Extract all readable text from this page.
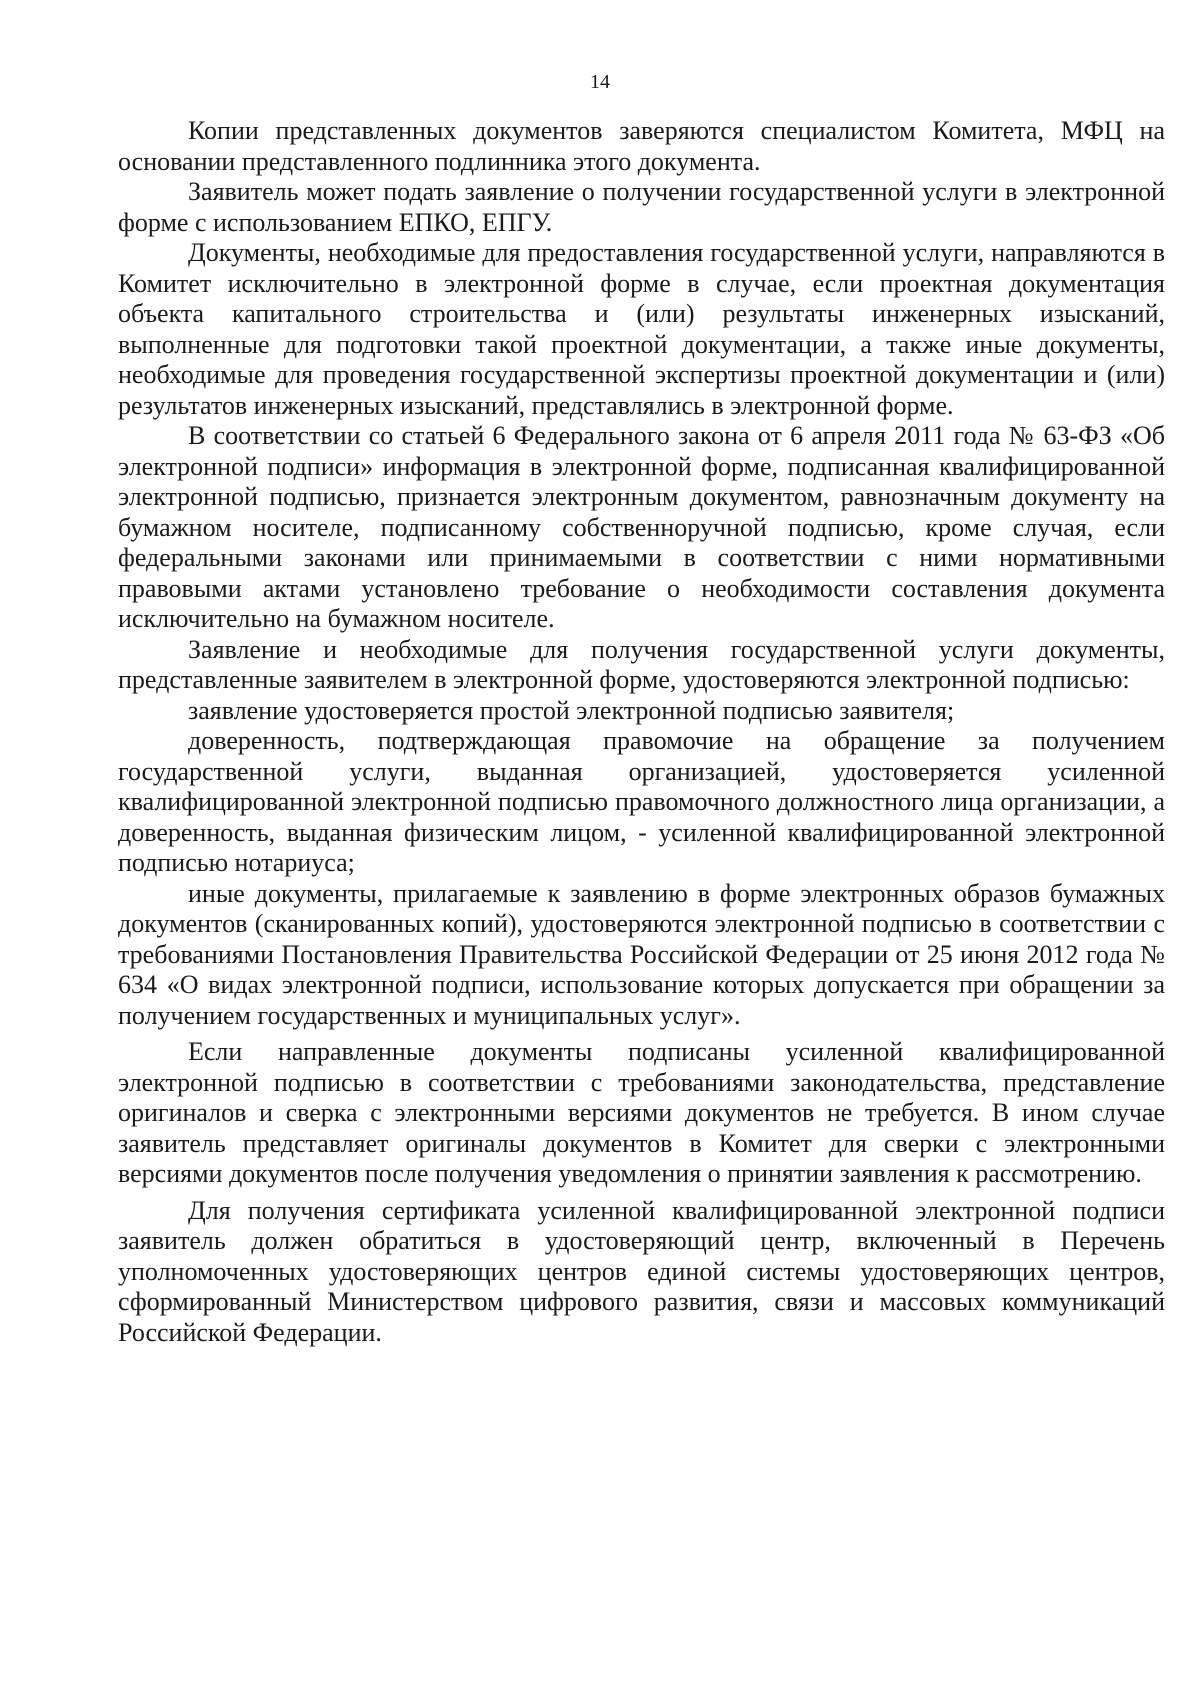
14

Копии представленных документов заверяются специалистом Комитета, МФЦ на основании представленного подлинника этого документа.

Заявитель может подать заявление о получении государственной услуги в электронной форме с использованием ЕПКО, ЕПГУ.

Документы, необходимые для предоставления государственной услуги, направляются в Комитет исключительно в электронной форме в случае, если проектная документация объекта капитального строительства и (или) результаты инженерных изысканий, выполненные для подготовки такой проектной документации, а также иные документы, необходимые для проведения государственной экспертизы проектной документации и (или) результатов инженерных изысканий, представлялись в электронной форме.

В соответствии со статьей 6 Федерального закона от 6 апреля 2011 года № 63-ФЗ «Об электронной подписи» информация в электронной форме, подписанная квалифицированной электронной подписью, признается электронным документом, равнозначным документу на бумажном носителе, подписанному собственноручной подписью, кроме случая, если федеральными законами или принимаемыми в соответствии с ними нормативными правовыми актами установлено требование о необходимости составления документа исключительно на бумажном носителе.

Заявление и необходимые для получения государственной услуги документы, представленные заявителем в электронной форме, удостоверяются электронной подписью:

заявление удостоверяется простой электронной подписью заявителя;

доверенность, подтверждающая правомочие на обращение за получением государственной услуги, выданная организацией, удостоверяется усиленной квалифицированной электронной подписью правомочного должностного лица организации, а доверенность, выданная физическим лицом, - усиленной квалифицированной электронной подписью нотариуса;

иные документы, прилагаемые к заявлению в форме электронных образов бумажных документов (сканированных копий), удостоверяются электронной подписью в соответствии с требованиями Постановления Правительства Российской Федерации от 25 июня 2012 года № 634 «О видах электронной подписи, использование которых допускается при обращении за получением государственных и муниципальных услуг».

Если направленные документы подписаны усиленной квалифицированной электронной подписью в соответствии с требованиями законодательства, представление оригиналов и сверка с электронными версиями документов не требуется. В ином случае заявитель представляет оригиналы документов в Комитет для сверки с электронными версиями документов после получения уведомления о принятии заявления к рассмотрению.

Для получения сертификата усиленной квалифицированной электронной подписи заявитель должен обратиться в удостоверяющий центр, включенный в Перечень уполномоченных удостоверяющих центров единой системы удостоверяющих центров, сформированный Министерством цифрового развития, связи и массовых коммуникаций Российской Федерации.
